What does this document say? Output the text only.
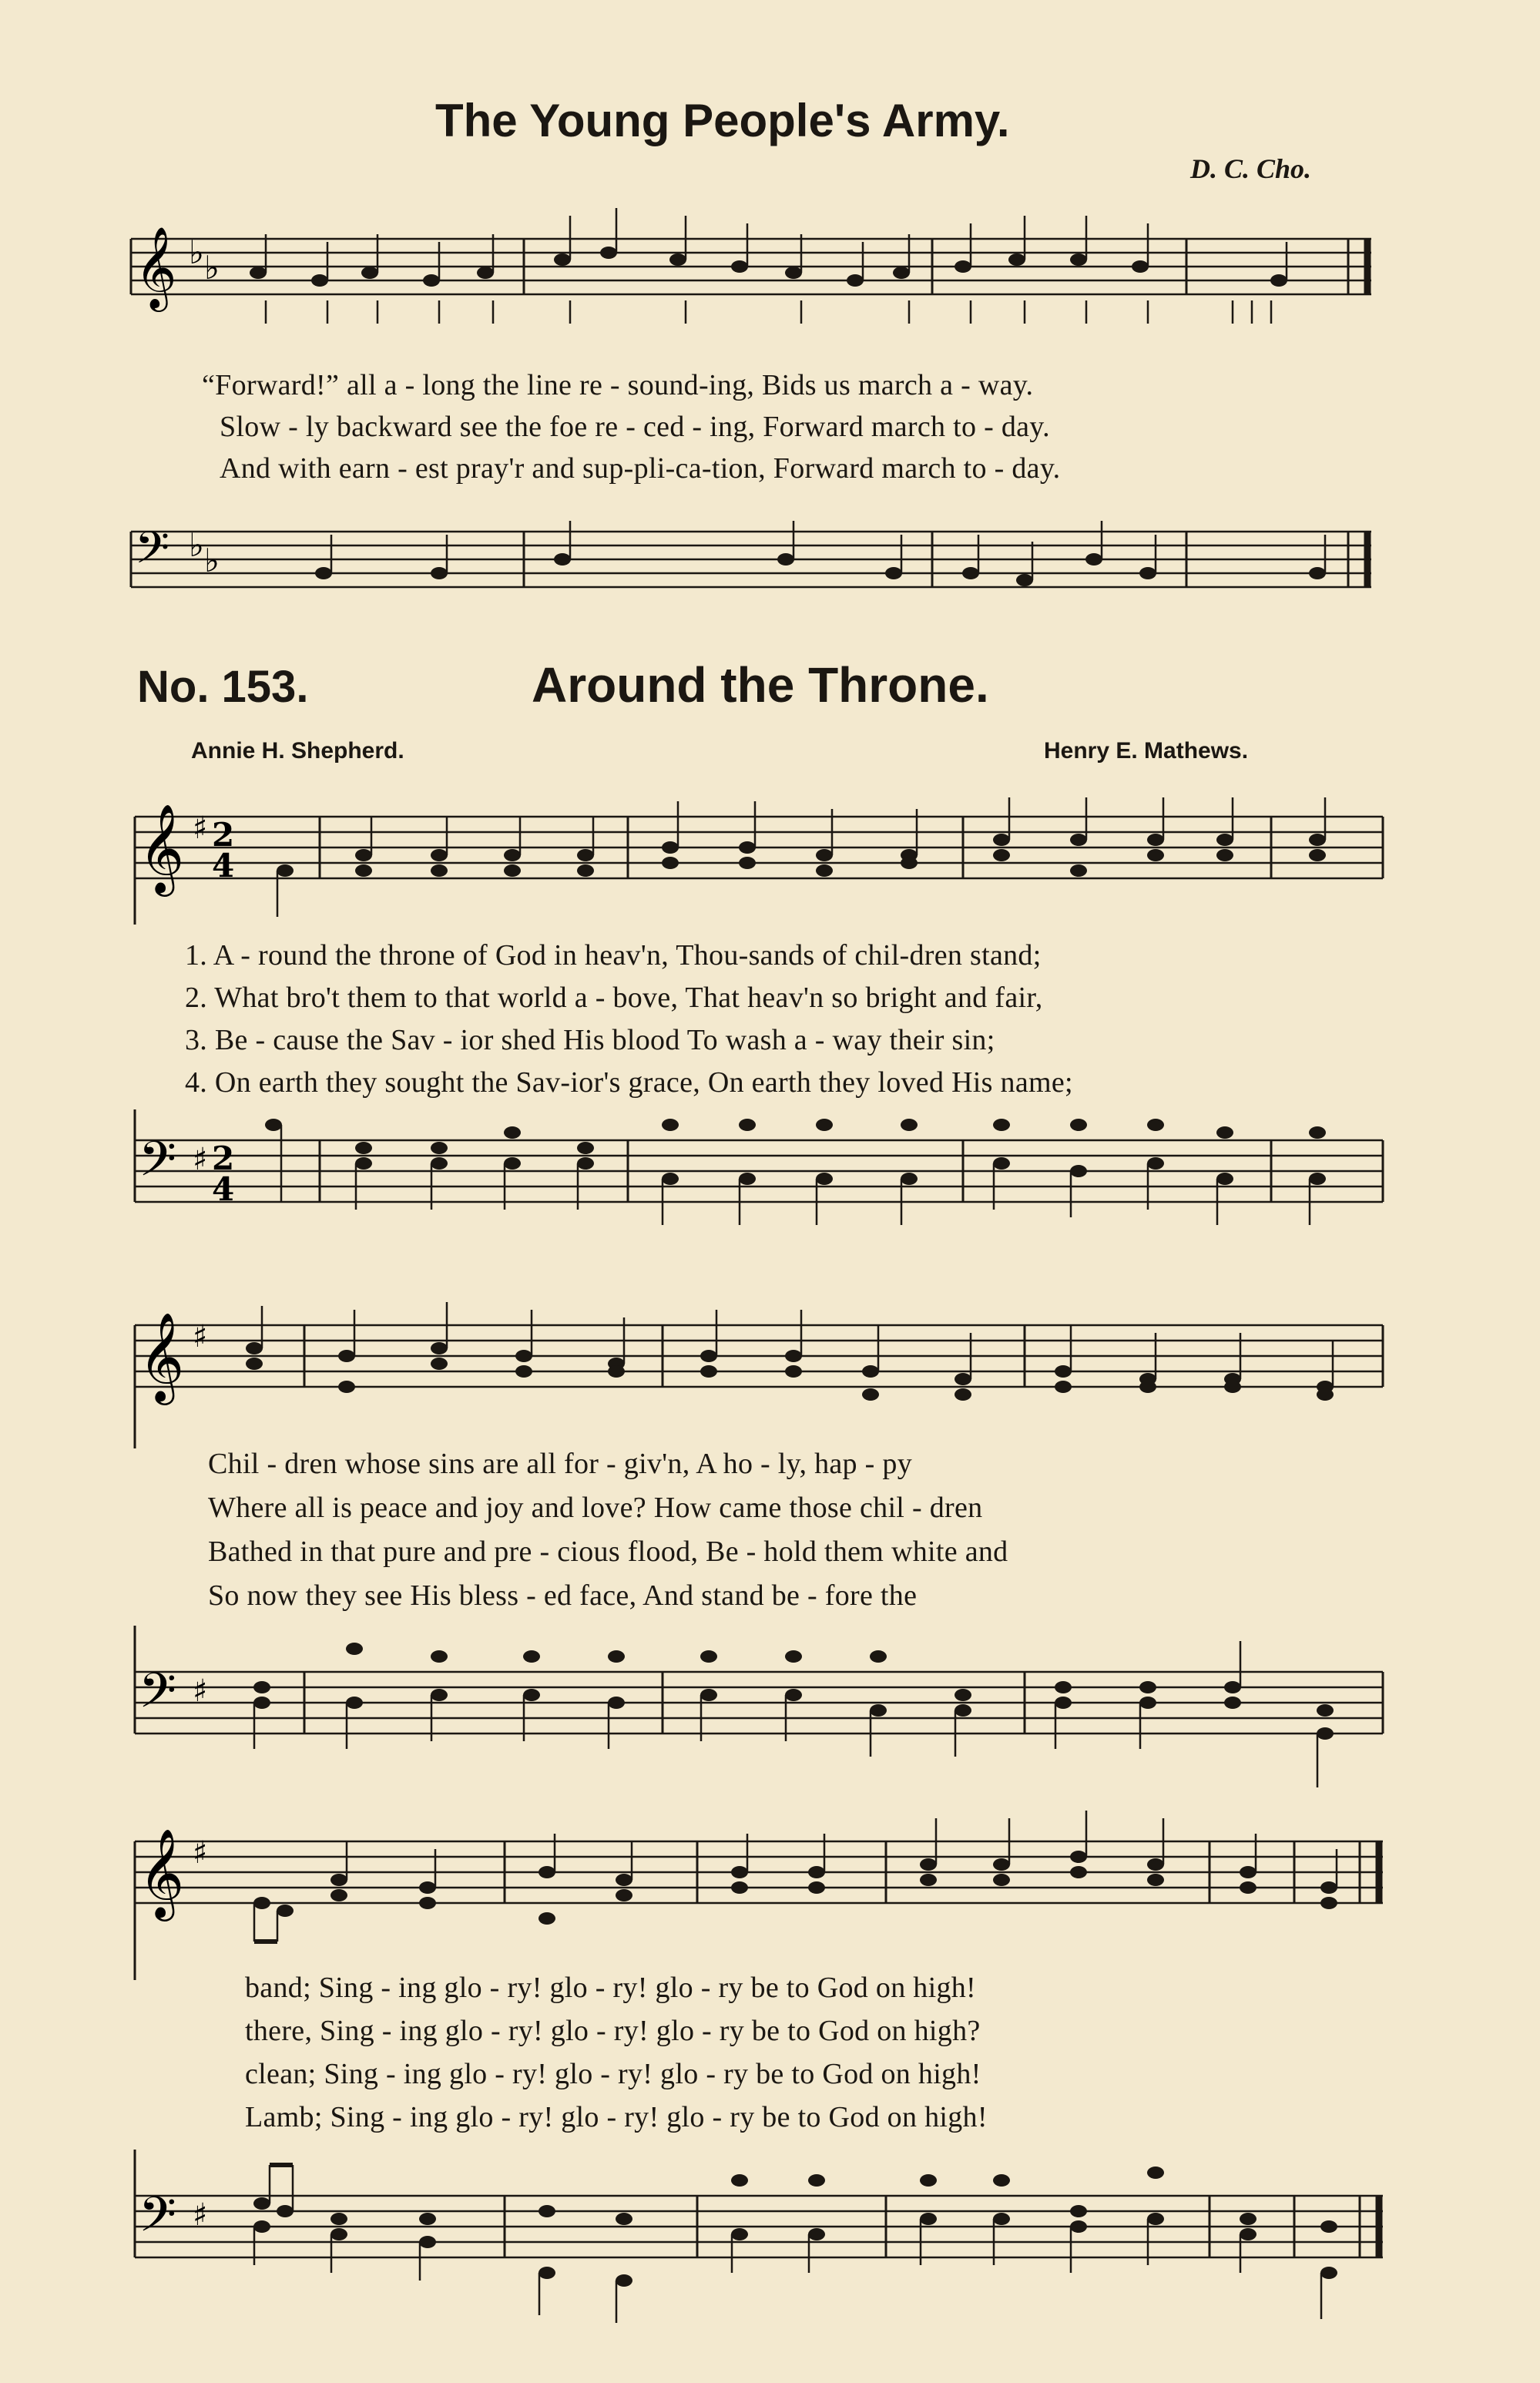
The Young People's Army.
D. C. Cho.
𝄞 ♭ ♭
“Forward!” all a - long the line re - sound-ing, Bids us march a - way.
Slow - ly backward see the foe re - ced - ing, Forward march to - day.
And with earn - est pray'r and sup-pli-ca-tion, Forward march to - day.
𝄢 ♭ ♭
No. 153.	Around the Throne.
Annie H. Shepherd.	Henry E. Mathews.
𝄞 ♯ 2
4
1. A - round the throne of God in heav'n, Thou-sands of chil-dren stand;
2. What bro't them to that world a - bove, That heav'n so bright and fair,
3. Be - cause the Sav - ior shed His blood To wash a - way their sin;
4. On earth they sought the Sav-ior's grace, On earth they loved His name;
𝄢 ♯ 2
4
𝄞 ♯
Chil - dren whose sins are all for - giv'n, A ho - ly, hap - py
Where all is peace and joy and love? How came those chil - dren
Bathed in that pure and pre - cious flood, Be - hold them white and
So now they see His bless - ed face, And stand be - fore the
𝄢 ♯
𝄞 ♯
band; Sing - ing glo - ry! glo - ry! glo - ry be to God on high!
there, Sing - ing glo - ry! glo - ry! glo - ry be to God on high?
clean; Sing - ing glo - ry! glo - ry! glo - ry be to God on high!
Lamb; Sing - ing glo - ry! glo - ry! glo - ry be to God on high!
𝄢 ♯
